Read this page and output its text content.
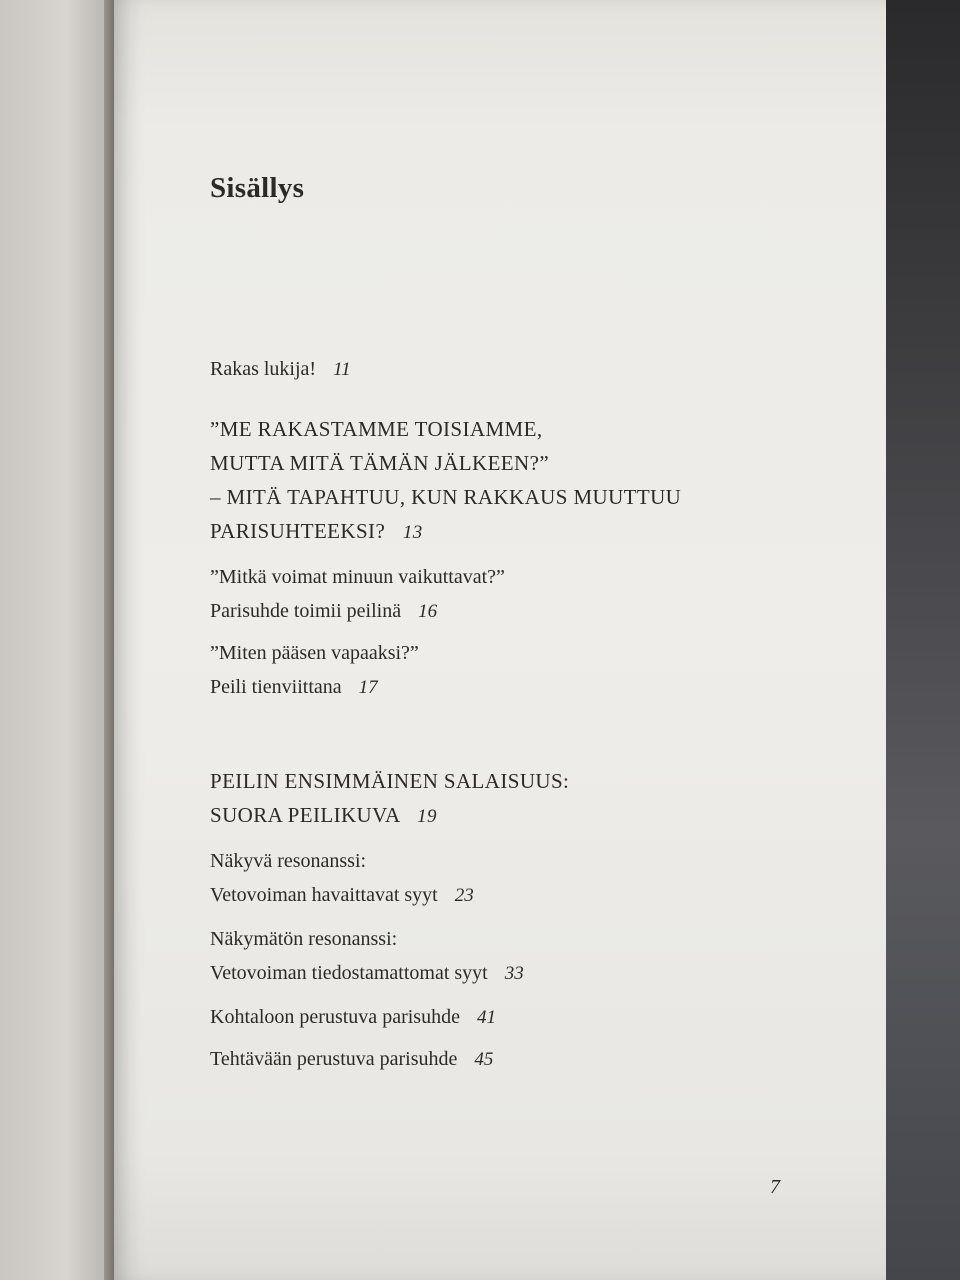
Sisällys
Rakas lukija! 11
”ME RAKASTAMME TOISIAMME,
MUTTA MITÄ TÄMÄN JÄLKEEN?”
– MITÄ TAPAHTUU, KUN RAKKAUS MUUTTUU
PARISUHTEEKSI? 13
”Mitkä voimat minuun vaikuttavat?”
Parisuhde toimii peilinä 16
”Miten pääsen vapaaksi?”
Peili tienviittana 17
PEILIN ENSIMMÄINEN SALAISUUS:
SUORA PEILIKUVA 19
Näkyvä resonanssi:
Vetovoiman havaittavat syyt 23
Näkymätön resonanssi:
Vetovoiman tiedostamattomat syyt 33
Kohtaloon perustuva parisuhde 41
Tehtävään perustuva parisuhde 45
7
